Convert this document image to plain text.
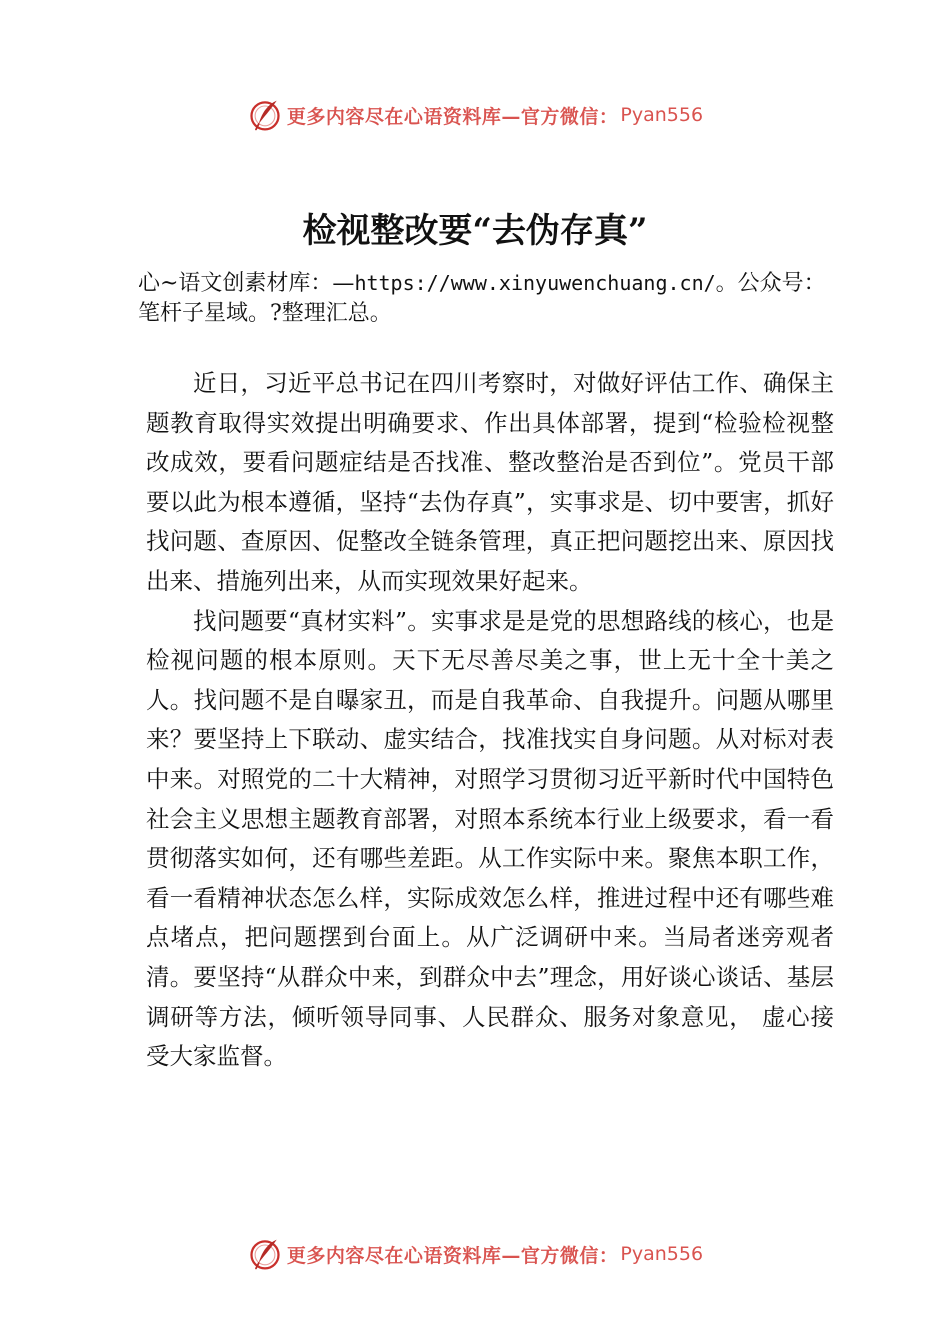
更多内容尽在心语资料库—官方微信： Pyan556
检视整改要“去伪存真”

心~语文创素材库：—https://www.xinyuwenchuang.cn/。公众号：笔杆子星域。?整理汇总。

近日，习近平总书记在四川考察时，对做好评估工作、确保主题教育取得实效提出明确要求、作出具体部署，提到“检验检视整改成效，要看问题症结是否找准、整改整治是否到位”。党员干部要以此为根本遵循，坚持“去伪存真”，实事求是、切中要害，抓好找问题、查原因、促整改全链条管理，真正把问题挖出来、原因找出来、措施列出来，从而实现效果好起来。

找问题要“真材实料”。实事求是是党的思想路线的核心，也是检视问题的根本原则。天下无尽善尽美之事，世上无十全十美之人。找问题不是自曝家丑，而是自我革命、自我提升。问题从哪里来？要坚持上下联动、虚实结合，找准找实自身问题。从对标对表中来。对照党的二十大精神，对照学习贯彻习近平新时代中国特色社会主义思想主题教育部署，对照本系统本行业上级要求，看一看贯彻落实如何，还有哪些差距。从工作实际中来。聚焦本职工作，看一看精神状态怎么样，实际成效怎么样，推进过程中还有哪些难点堵点，把问题摆到台面上。从广泛调研中来。当局者迷旁观者清。要坚持“从群众中来，到群众中去”理念，用好谈心谈话、基层调研等方法，倾听领导同事、人民群众、服务对象意见， 虚心接受大家监督。

更多内容尽在心语资料库—官方微信： Pyan556
